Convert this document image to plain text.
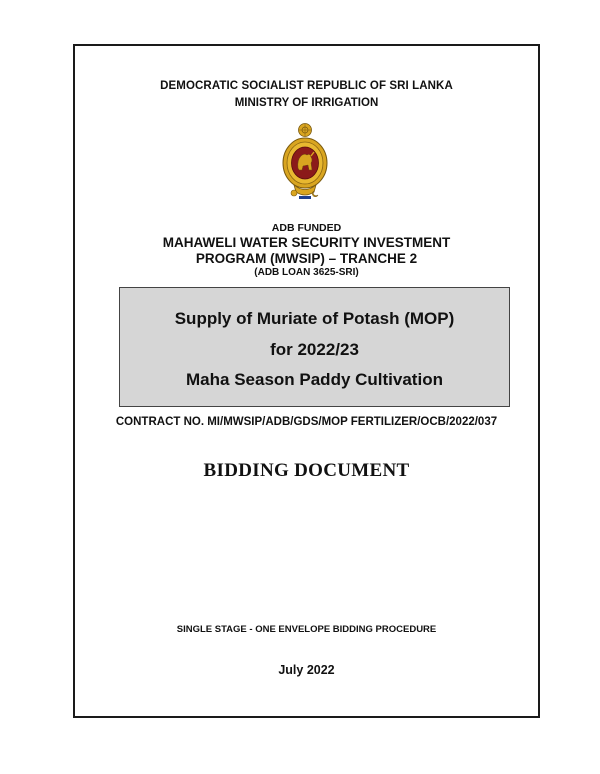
DEMOCRATIC SOCIALIST REPUBLIC OF SRI LANKA

MINISTRY OF IRRIGATION

ADB FUNDED

MAHAWELI WATER SECURITY INVESTMENT

PROGRAM (MWSIP) – TRANCHE 2

(ADB LOAN 3625-SRI)

Supply of Muriate of Potash (MOP)

for 2022/23

Maha Season Paddy Cultivation

CONTRACT NO. MI/MWSIP/ADB/GDS/MOP FERTILIZER/OCB/2022/037

BIDDING DOCUMENT

SINGLE STAGE - ONE ENVELOPE BIDDING PROCEDURE

July 2022
